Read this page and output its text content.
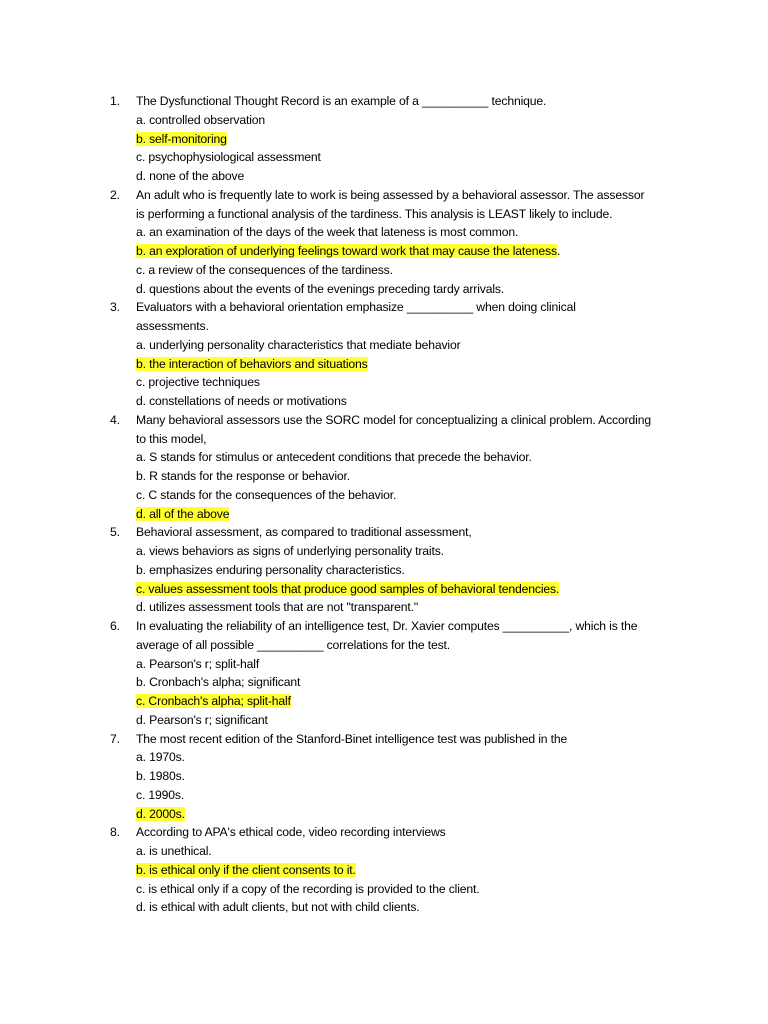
1.	The Dysfunctional Thought Record is an example of a __________ technique.
a. controlled observation
b. self-monitoring
c. psychophysiological assessment
d. none of the above
2.	An adult who is frequently late to work is being assessed by a behavioral assessor. The assessor
is performing a functional analysis of the tardiness. This analysis is LEAST likely to include.
a. an examination of the days of the week that lateness is most common.
b. an exploration of underlying feelings toward work that may cause the lateness.
c. a review of the consequences of the tardiness.
d. questions about the events of the evenings preceding tardy arrivals.
3.	Evaluators with a behavioral orientation emphasize __________ when doing clinical
assessments.
a. underlying personality characteristics that mediate behavior
b. the interaction of behaviors and situations
c. projective techniques
d. constellations of needs or motivations
4.	Many behavioral assessors use the SORC model for conceptualizing a clinical problem. According
to this model,
a. S stands for stimulus or antecedent conditions that precede the behavior.
b. R stands for the response or behavior.
c. C stands for the consequences of the behavior.
d. all of the above
5.	Behavioral assessment, as compared to traditional assessment,
a. views behaviors as signs of underlying personality traits.
b. emphasizes enduring personality characteristics.
c. values assessment tools that produce good samples of behavioral tendencies.
d. utilizes assessment tools that are not "transparent."
6.	In evaluating the reliability of an intelligence test, Dr. Xavier computes __________, which is the
average of all possible __________ correlations for the test.
a. Pearson's r; split-half
b. Cronbach's alpha; significant
c. Cronbach's alpha; split-half
d. Pearson's r; significant
7.	The most recent edition of the Stanford-Binet intelligence test was published in the
a. 1970s.
b. 1980s.
c. 1990s.
d. 2000s.
8.	According to APA's ethical code, video recording interviews
a. is unethical.
b. is ethical only if the client consents to it.
c. is ethical only if a copy of the recording is provided to the client.
d. is ethical with adult clients, but not with child clients.
